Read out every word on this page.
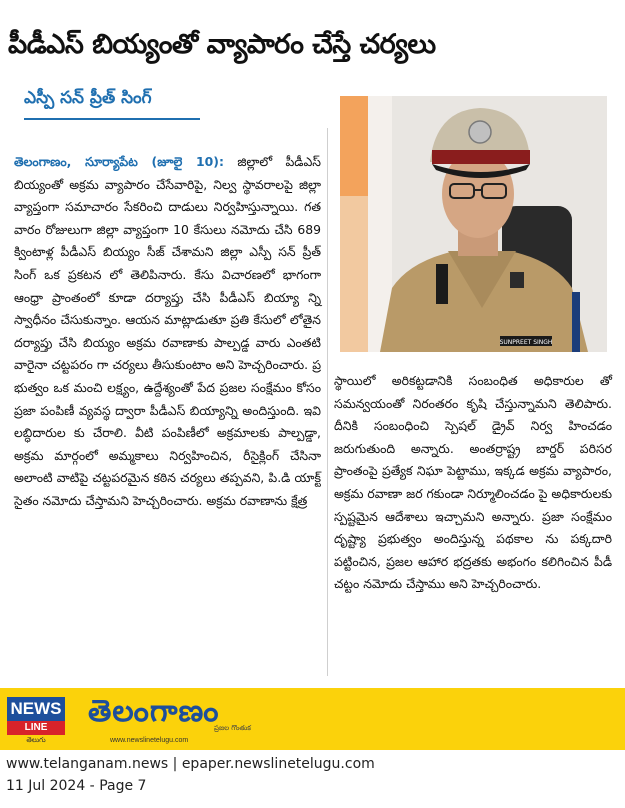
పీడీఎస్ బియ్యంతో వ్యాపారం చేస్తే చర్యలు
ఎస్పీ సన్ ప్రీత్ సింగ్

తెలంగాణం, సూర్యాపేట (జూలై 10): జిల్లాలో పీడీఎస్ బియ్యంతో అక్రమ వ్యాపారం చేసేవారిపై, నిల్వ స్థావరాలపై జిల్లా వ్యాప్తంగా సమాచారం సేకరించి దాడులు నిర్వహిస్తున్నాయి. గత వారం రోజులుగా జిల్లా వ్యాప్తంగా 10 కేసులు నమోదు చేసి 689 క్వింటాళ్ల పీడీఎస్ బియ్యం సీజ్ చేశామని జిల్లా ఎస్పీ సన్ ప్రీత్ సింగ్ ఒక ప్రకటన లో తెలిపినారు. కేసు విచారణలో భాగంగా ఆంధ్రా ప్రాంతంలో కూడా దర్యాప్తు చేసి పీడీఎస్ బియ్యా న్ని స్వాధీనం చేసుకున్నాం. ఆయన మాట్లాడుతూ ప్రతి కేసులో లోతైన దర్యాప్తు చేసి బియ్యం అక్రమ రవాణాకు పాల్పడ్డ వారు ఎంతటి వారైనా చట్టపరం గా చర్యలు తీసుకుంటాం అని హెచ్చరించారు. ప్ర భుత్వం ఒక మంచి లక్ష్యం, ఉద్దేశ్యంతో పేద ప్రజల సంక్షేమం కోసం ప్రజా పంపిణీ వ్యవస్థ ద్వారా పీడీఎస్ బియ్యాన్ని అందిస్తుంది. ఇవి లబ్ధిదారుల కు చేరాలి. వీటి పంపిణీలో అక్రమాలకు పాల్పడ్డా, అక్రమ మార్గంలో అమ్మకాలు నిర్వహించిన, రీసైక్లింగ్ చేసినా అలాంటి వాటిపై చట్టపరమైన కఠిన చర్యలు తప్పవని, పి.డి యాక్ట్ సైతం నమోదు చేస్తామని హెచ్చరించారు. అక్రమ రవాణాను క్షేత్ర

SUNPREET SINGH

స్థాయిలో అరికట్టడానికి సంబంధిత అధికారుల తో సమన్వయంతో నిరంతరం కృషి చేస్తున్నామని తెలిపారు. దీనికి సంబంధించి స్పెషల్ డ్రైవ్ నిర్వ హించడం జరుగుతుంది అన్నారు. అంతర్రాష్ట్ర బార్డర్ పరిసర ప్రాంతంపై ప్రత్యేక నిఘా పెట్టాము, ఇక్కడ అక్రమ వ్యాపారం, అక్రమ రవాణా జర గకుండా నిర్మూలించడం పై అధికారులకు స్పష్టమైన ఆదేశాలు ఇచ్చామని అన్నారు. ప్రజా సంక్షేమం దృష్ట్యా ప్రభుత్వం అందిస్తున్న పథకాల ను పక్కదారి పట్టించిన, ప్రజల ఆహార భద్రతకు అభంగం కలిగించిన పీడీ చట్టం నమోదు చేస్తాము అని హెచ్చరించారు.

NEWS
LINE
తెలుగు
తెలంగాణం
ప్రజల గొంతుక
www.newslinetelugu.com
www.telanganam.news | epaper.newslinetelugu.com
11 Jul 2024 - Page 7
